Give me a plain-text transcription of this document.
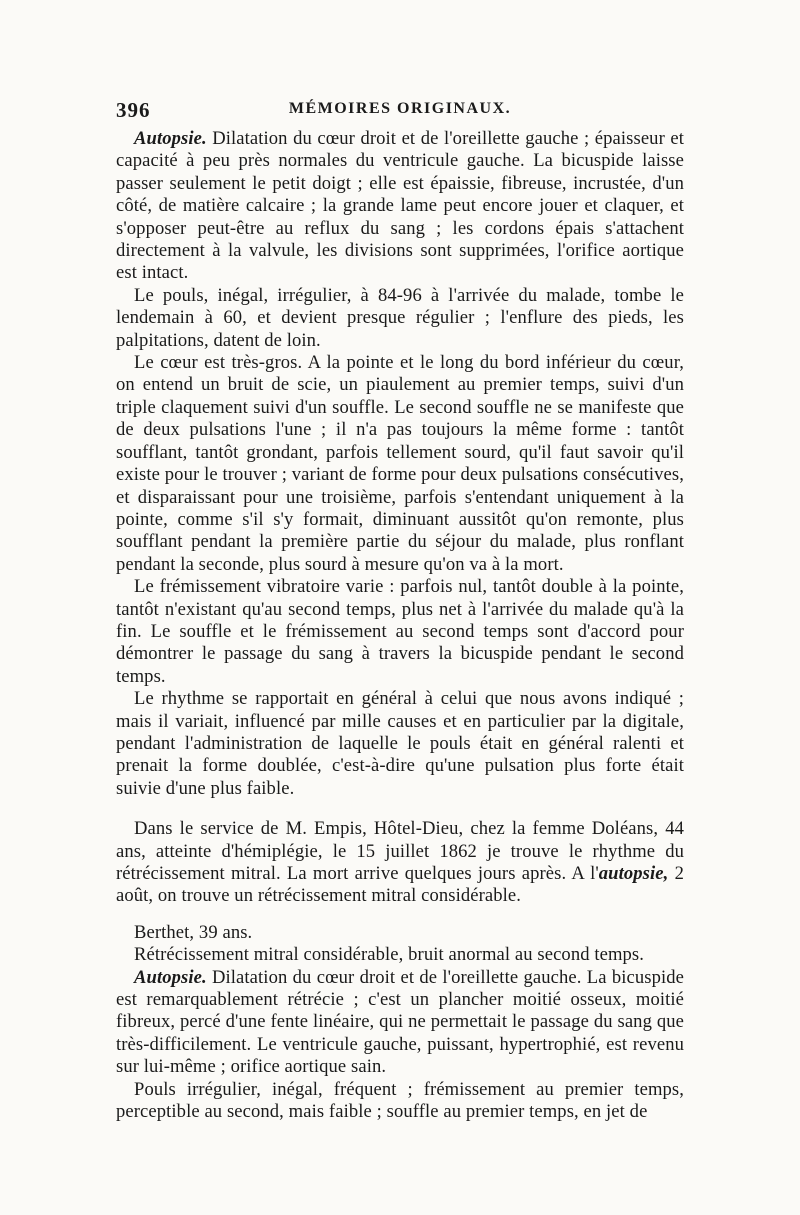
396	MÉMOIRES ORIGINAUX.

Autopsie. Dilatation du cœur droit et de l'oreillette gauche ; épaisseur et capacité à peu près normales du ventricule gauche. La bicuspide laisse passer seulement le petit doigt ; elle est épaissie, fibreuse, incrustée, d'un côté, de matière calcaire ; la grande lame peut encore jouer et claquer, et s'opposer peut-être au reflux du sang ; les cordons épais s'attachent directement à la valvule, les divisions sont supprimées, l'orifice aortique est intact.

Le pouls, inégal, irrégulier, à 84-96 à l'arrivée du malade, tombe le lendemain à 60, et devient presque régulier ; l'enflure des pieds, les palpitations, datent de loin.

Le cœur est très-gros. A la pointe et le long du bord inférieur du cœur, on entend un bruit de scie, un piaulement au premier temps, suivi d'un triple claquement suivi d'un souffle. Le second souffle ne se manifeste que de deux pulsations l'une ; il n'a pas toujours la même forme : tantôt soufflant, tantôt grondant, parfois tellement sourd, qu'il faut savoir qu'il existe pour le trouver ; variant de forme pour deux pulsations consécutives, et disparaissant pour une troisième, parfois s'entendant uniquement à la pointe, comme s'il s'y formait, diminuant aussitôt qu'on remonte, plus soufflant pendant la première partie du séjour du malade, plus ronflant pendant la seconde, plus sourd à mesure qu'on va à la mort.

Le frémissement vibratoire varie : parfois nul, tantôt double à la pointe, tantôt n'existant qu'au second temps, plus net à l'arrivée du malade qu'à la fin. Le souffle et le frémissement au second temps sont d'accord pour démontrer le passage du sang à travers la bicuspide pendant le second temps.

Le rhythme se rapportait en général à celui que nous avons indiqué ; mais il variait, influencé par mille causes et en particulier par la digitale, pendant l'administration de laquelle le pouls était en général ralenti et prenait la forme doublée, c'est-à-dire qu'une pulsation plus forte était suivie d'une plus faible.

Dans le service de M. Empis, Hôtel-Dieu, chez la femme Doléans, 44 ans, atteinte d'hémiplégie, le 15 juillet 1862 je trouve le rhythme du rétrécissement mitral. La mort arrive quelques jours après. A l'autopsie, 2 août, on trouve un rétrécissement mitral considérable.

Berthet, 39 ans.

Rétrécissement mitral considérable, bruit anormal au second temps.

Autopsie. Dilatation du cœur droit et de l'oreillette gauche. La bicuspide est remarquablement rétrécie ; c'est un plancher moitié osseux, moitié fibreux, percé d'une fente linéaire, qui ne permettait le passage du sang que très-difficilement. Le ventricule gauche, puissant, hypertrophié, est revenu sur lui-même ; orifice aortique sain.

Pouls irrégulier, inégal, fréquent ; frémissement au premier temps, perceptible au second, mais faible ; souffle au premier temps, en jet de
